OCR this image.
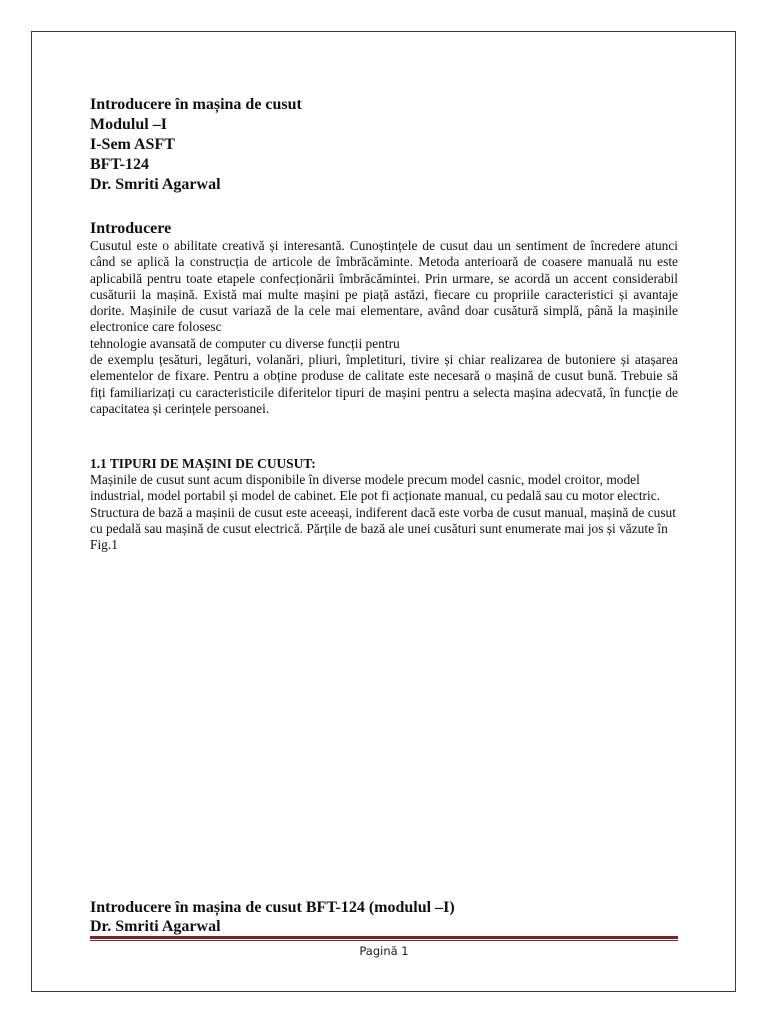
Introducere în mașina de cusut
Modulul –I
I-Sem ASFT
BFT-124
Dr. Smriti Agarwal
Introducere

Cusutul este o abilitate creativă și interesantă. Cunoștințele de cusut dau un sentiment de încredere atunci când se aplică la construcția de articole de îmbrăcăminte. Metoda anterioară de coasere manuală nu este aplicabilă pentru toate etapele confecționării îmbrăcămintei. Prin urmare, se acordă un accent considerabil cusăturii la mașină. Există mai multe mașini pe piață astăzi, fiecare cu propriile caracteristici și avantaje dorite. Mașinile de cusut variază de la cele mai elementare, având doar cusătură simplă, până la mașinile electronice care folosesc

tehnologie avansată de computer cu diverse funcții pentru

de exemplu țesături, legături, volanări, pliuri, împletituri, tivire și chiar realizarea de butoniere și atașarea elementelor de fixare. Pentru a obține produse de calitate este necesară o mașină de cusut bună. Trebuie să fiți familiarizați cu caracteristicile diferitelor tipuri de mașini pentru a selecta mașina adecvată, în funcție de capacitatea și cerințele persoanei.

1.1 TIPURI DE MAȘINI DE CUUSUT:

Mașinile de cusut sunt acum disponibile în diverse modele precum model casnic, model croitor, model industrial, model portabil și model de cabinet. Ele pot fi acționate manual, cu pedală sau cu motor electric. Structura de bază a mașinii de cusut este aceeași, indiferent dacă este vorba de cusut manual, mașină de cusut cu pedală sau mașină de cusut electrică. Părțile de bază ale unei cusături sunt enumerate mai jos și văzute în Fig.1

Introducere în mașina de cusut BFT-124 (modulul –I)
Dr. Smriti Agarwal
Pagină 1
